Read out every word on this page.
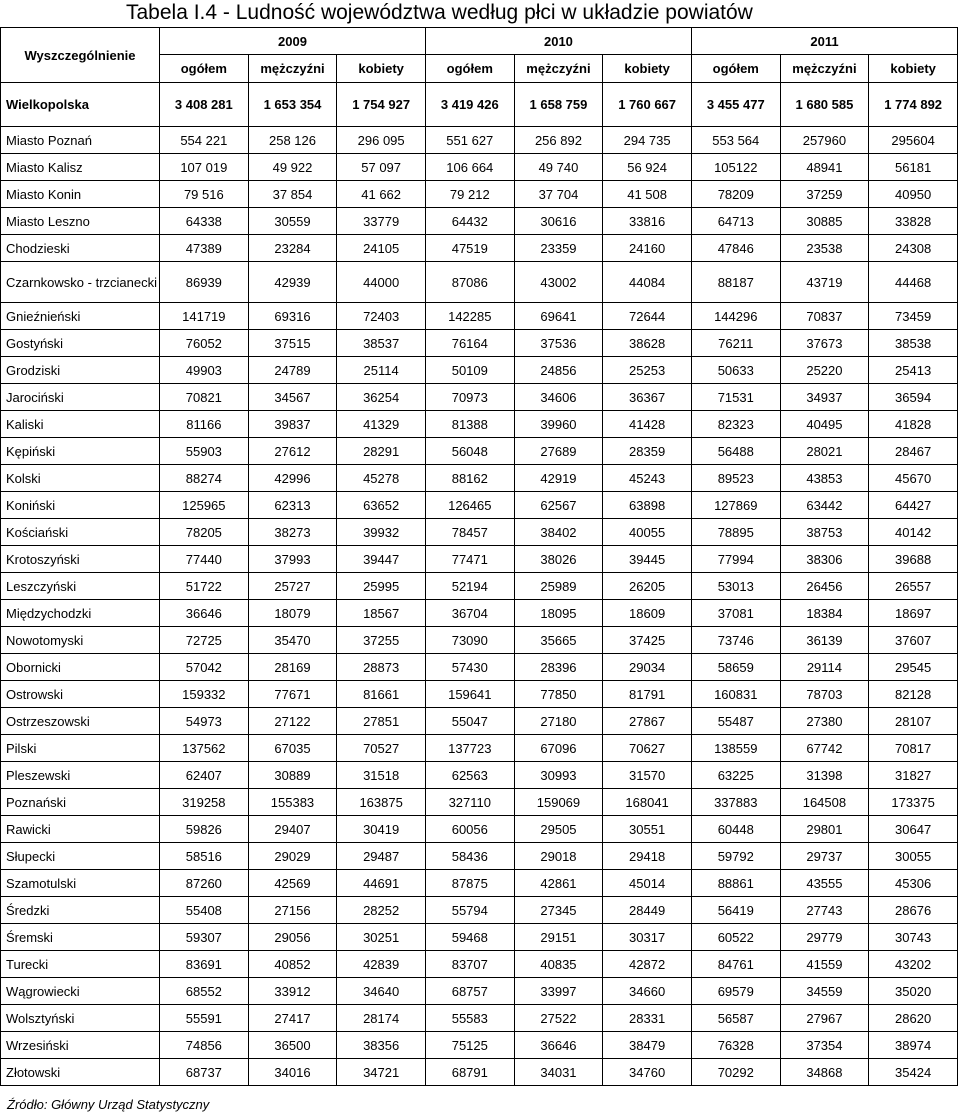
Tabela I.4 - Ludność województwa według płci w układzie powiatów
Wyszczególnienie	2009			2010			2011		
	ogółem	mężczyźni	kobiety	ogółem	mężczyźni	kobiety	ogółem	mężczyźni	kobiety
Wielkopolska	3 408 281	1 653 354	1 754 927	3 419 426	1 658 759	1 760 667	3 455 477	1 680 585	1 774 892
Miasto Poznań	554 221	258 126	296 095	551 627	256 892	294 735	553 564	257960	295604
Miasto Kalisz	107 019	49 922	57 097	106 664	49 740	56 924	105122	48941	56181
Miasto Konin	79 516	37 854	41 662	79 212	37 704	41 508	78209	37259	40950
Miasto Leszno	64338	30559	33779	64432	30616	33816	64713	30885	33828
Chodzieski	47389	23284	24105	47519	23359	24160	47846	23538	24308
Czarnkowsko - trzcianecki	86939	42939	44000	87086	43002	44084	88187	43719	44468
Gnieźnieński	141719	69316	72403	142285	69641	72644	144296	70837	73459
Gostyński	76052	37515	38537	76164	37536	38628	76211	37673	38538
Grodziski	49903	24789	25114	50109	24856	25253	50633	25220	25413
Jarociński	70821	34567	36254	70973	34606	36367	71531	34937	36594
Kaliski	81166	39837	41329	81388	39960	41428	82323	40495	41828
Kępiński	55903	27612	28291	56048	27689	28359	56488	28021	28467
Kolski	88274	42996	45278	88162	42919	45243	89523	43853	45670
Koniński	125965	62313	63652	126465	62567	63898	127869	63442	64427
Kościański	78205	38273	39932	78457	38402	40055	78895	38753	40142
Krotoszyński	77440	37993	39447	77471	38026	39445	77994	38306	39688
Leszczyński	51722	25727	25995	52194	25989	26205	53013	26456	26557
Międzychodzki	36646	18079	18567	36704	18095	18609	37081	18384	18697
Nowotomyski	72725	35470	37255	73090	35665	37425	73746	36139	37607
Obornicki	57042	28169	28873	57430	28396	29034	58659	29114	29545
Ostrowski	159332	77671	81661	159641	77850	81791	160831	78703	82128
Ostrzeszowski	54973	27122	27851	55047	27180	27867	55487	27380	28107
Pilski	137562	67035	70527	137723	67096	70627	138559	67742	70817
Pleszewski	62407	30889	31518	62563	30993	31570	63225	31398	31827
Poznański	319258	155383	163875	327110	159069	168041	337883	164508	173375
Rawicki	59826	29407	30419	60056	29505	30551	60448	29801	30647
Słupecki	58516	29029	29487	58436	29018	29418	59792	29737	30055
Szamotulski	87260	42569	44691	87875	42861	45014	88861	43555	45306
Średzki	55408	27156	28252	55794	27345	28449	56419	27743	28676
Śremski	59307	29056	30251	59468	29151	30317	60522	29779	30743
Turecki	83691	40852	42839	83707	40835	42872	84761	41559	43202
Wągrowiecki	68552	33912	34640	68757	33997	34660	69579	34559	35020
Wolsztyński	55591	27417	28174	55583	27522	28331	56587	27967	28620
Wrzesiński	74856	36500	38356	75125	36646	38479	76328	37354	38974
Złotowski	68737	34016	34721	68791	34031	34760	70292	34868	35424
Źródło: Główny Urząd Statystyczny
